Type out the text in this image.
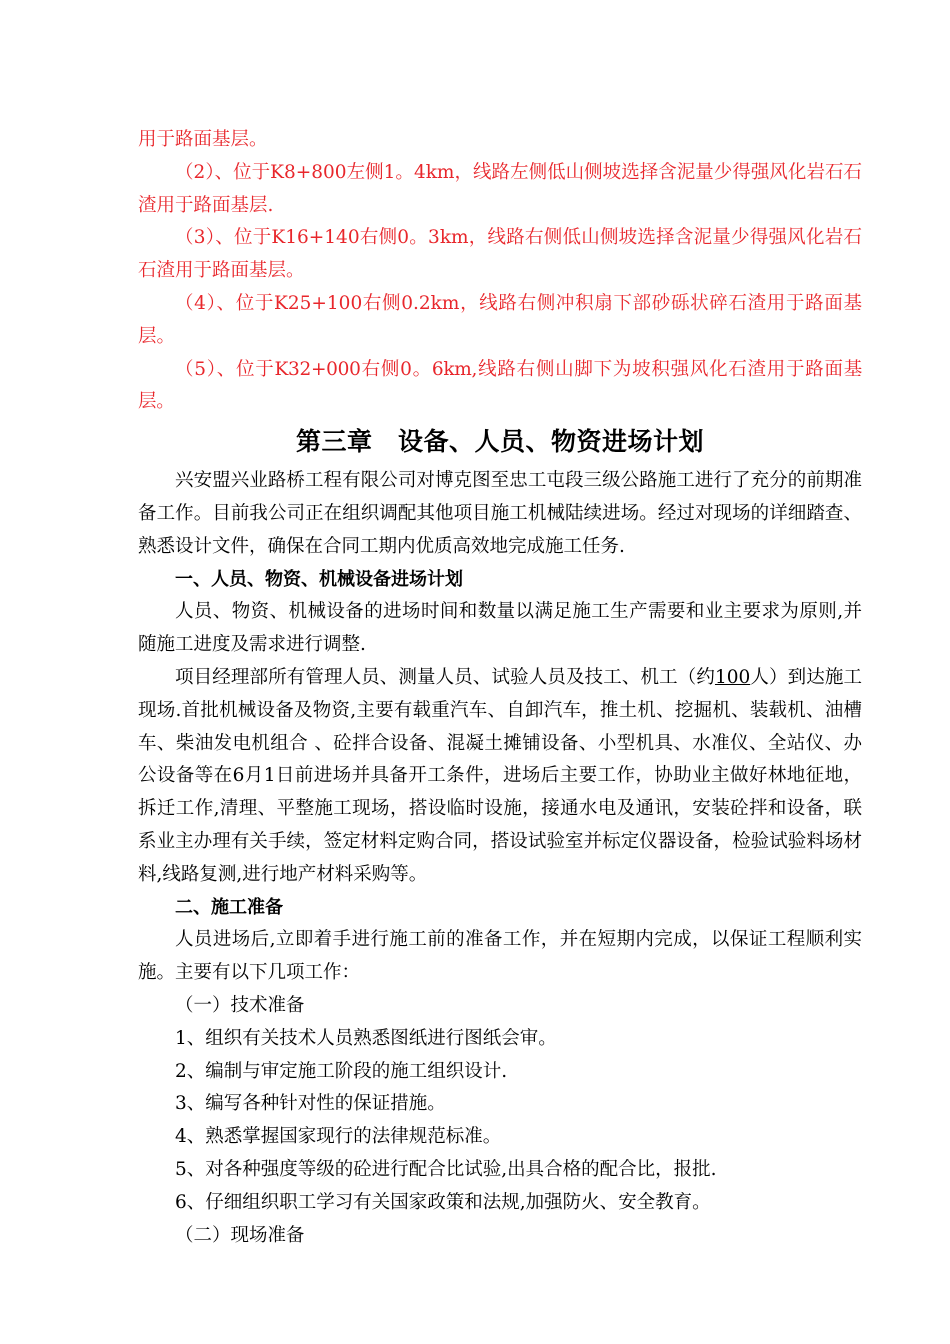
用于路面基层。

（2）、位于K8+800左侧1。4km，线路左侧低山侧坡选择含泥量少得强风化岩石石渣用于路面基层.

（3）、位于K16+140右侧0。3km，线路右侧低山侧坡选择含泥量少得强风化岩石石渣用于路面基层。

（4）、位于K25+100右侧0.2km，线路右侧冲积扇下部砂砾状碎石渣用于路面基层。

（5）、位于K32+000右侧0。6km,线路右侧山脚下为坡积强风化石渣用于路面基层。

第三章　设备、人员、物资进场计划

兴安盟兴业路桥工程有限公司对博克图至忠工屯段三级公路施工进行了充分的前期准备工作。目前我公司正在组织调配其他项目施工机械陆续进场。经过对现场的详细踏查、熟悉设计文件，确保在合同工期内优质高效地完成施工任务.

一、人员、物资、机械设备进场计划

人员、物资、机械设备的进场时间和数量以满足施工生产需要和业主要求为原则,并随施工进度及需求进行调整.

项目经理部所有管理人员、测量人员、试验人员及技工、机工（约100人）到达施工现场.首批机械设备及物资,主要有载重汽车、自卸汽车，推土机、挖掘机、装载机、油槽车、柴油发电机组合 、砼拌合设备、混凝土摊铺设备、小型机具、水准仪、全站仪、办公设备等在6月1日前进场并具备开工条件，进场后主要工作，协助业主做好林地征地，拆迁工作,清理、平整施工现场，搭设临时设施，接通水电及通讯，安装砼拌和设备，联系业主办理有关手续，签定材料定购合同，搭设试验室并标定仪器设备，检验试验料场材料,线路复测,进行地产材料采购等。

二、施工准备

人员进场后,立即着手进行施工前的准备工作，并在短期内完成，以保证工程顺利实施。主要有以下几项工作：

（一）技术准备

1、组织有关技术人员熟悉图纸进行图纸会审。

2、编制与审定施工阶段的施工组织设计.

3、编写各种针对性的保证措施。

4、熟悉掌握国家现行的法律规范标准。

5、对各种强度等级的砼进行配合比试验,出具合格的配合比，报批.

6、仔细组织职工学习有关国家政策和法规,加强防火、安全教育。

（二）现场准备
